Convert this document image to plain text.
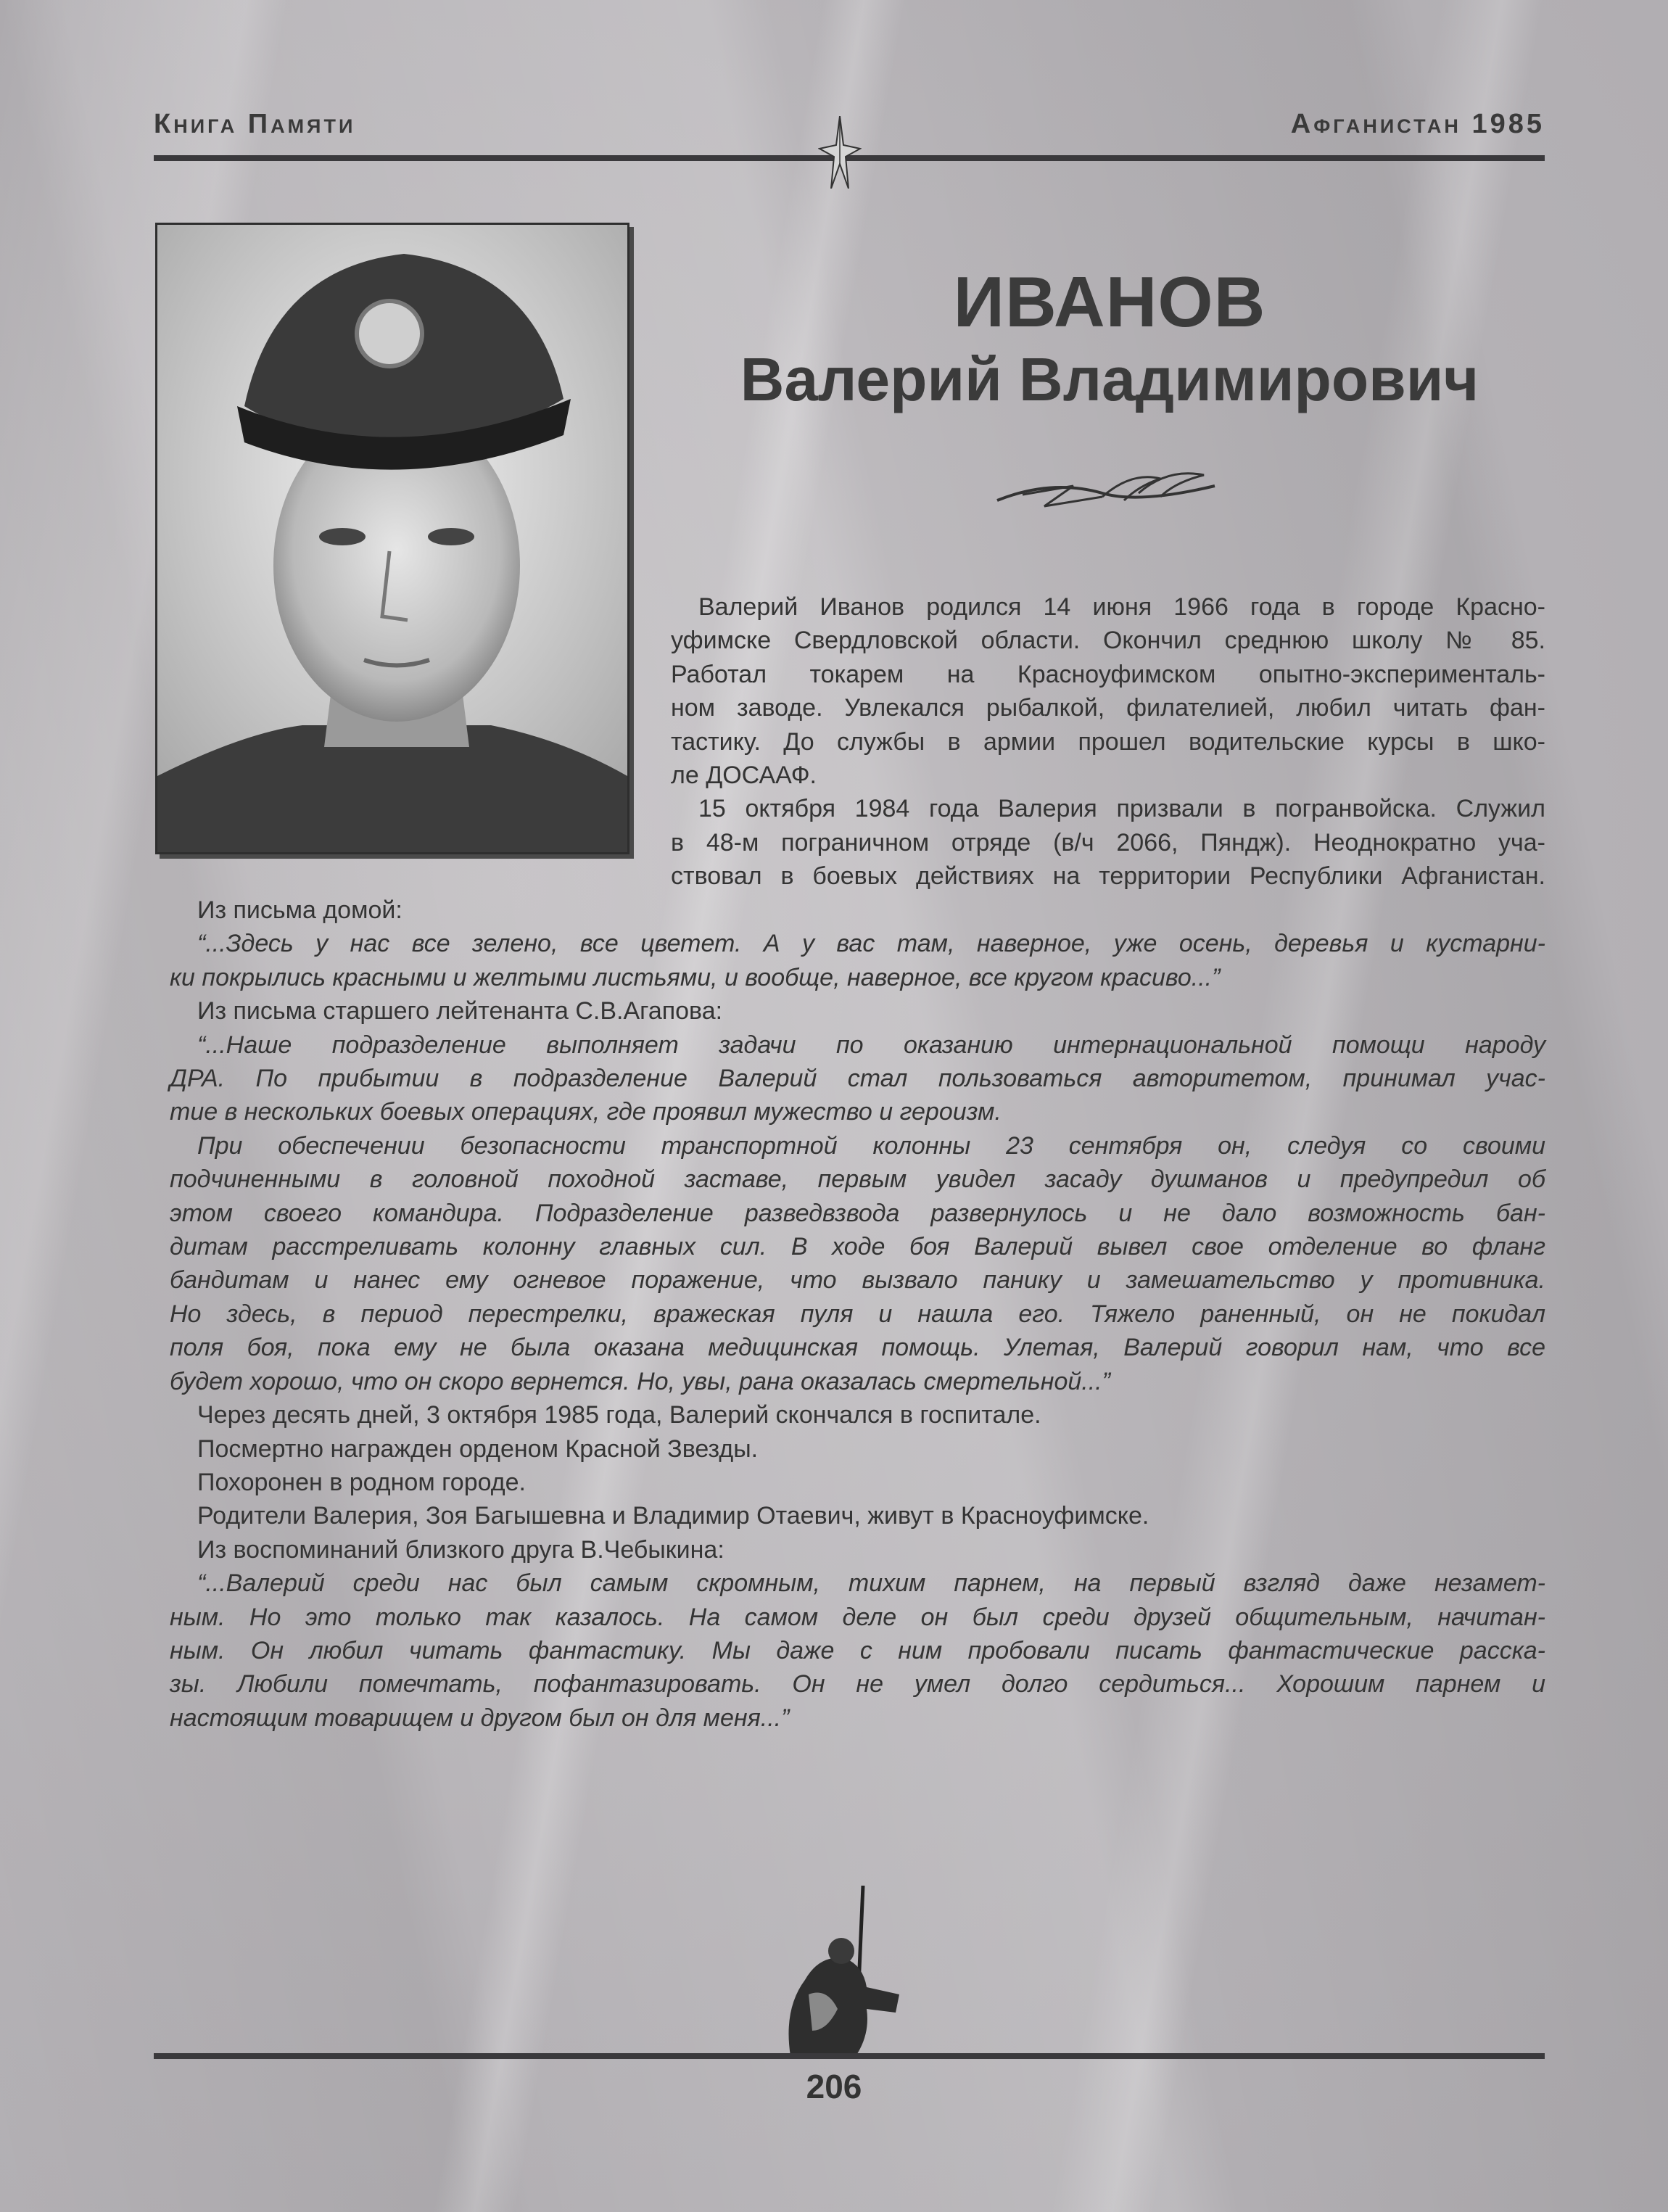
Книга Памяти	Афганистан 1985
ИВАНОВ
Валерий Владимирович
Валерий Иванов родился 14 июня 1966 года в городе Красно-
уфимске Свердловской области. Окончил среднюю школу № 85.
Работал токарем на Красноуфимском опытно-эксперименталь-
ном заводе. Увлекался рыбалкой, филателией, любил читать фан-
тастику. До службы в армии прошел водительские курсы в шко-
ле ДОСААФ.
15 октября 1984 года Валерия призвали в погранвойска. Служил
в 48-м пограничном отряде (в/ч 2066, Пяндж). Неоднократно уча-
ствовал в боевых действиях на территории Республики Афганистан.
Из письма домой:
“...Здесь у нас все зелено, все цветет. А у вас там, наверное, уже осень, деревья и кустарни-
ки покрылись красными и желтыми листьями, и вообще, наверное, все кругом красиво...”
Из письма старшего лейтенанта С.В.Агапова:
“...Наше подразделение выполняет задачи по оказанию интернациональной помощи народу
ДРА. По прибытии в подразделение Валерий стал пользоваться авторитетом, принимал учас-
тие в нескольких боевых операциях, где проявил мужество и героизм.
При обеспечении безопасности транспортной колонны 23 сентября он, следуя со своими
подчиненными в головной походной заставе, первым увидел засаду душманов и предупредил об
этом своего командира. Подразделение разведвзвода развернулось и не дало возможность бан-
дитам расстреливать колонну главных сил. В ходе боя Валерий вывел свое отделение во фланг
бандитам и нанес ему огневое поражение, что вызвало панику и замешательство у противника.
Но здесь, в период перестрелки, вражеская пуля и нашла его. Тяжело раненный, он не покидал
поля боя, пока ему не была оказана медицинская помощь. Улетая, Валерий говорил нам, что все
будет хорошо, что он скоро вернется. Но, увы, рана оказалась смертельной...”
Через десять дней, 3 октября 1985 года, Валерий скончался в госпитале.
Посмертно награжден орденом Красной Звезды.
Похоронен в родном городе.
Родители Валерия, Зоя Багышевна и Владимир Отаевич, живут в Красноуфимске.
Из воспоминаний близкого друга В.Чебыкина:
“...Валерий среди нас был самым скромным, тихим парнем, на первый взгляд даже незамет-
ным. Но это только так казалось. На самом деле он был среди друзей общительным, начитан-
ным. Он любил читать фантастику. Мы даже с ним пробовали писать фантастические расска-
зы. Любили помечтать, пофантазировать. Он не умел долго сердиться... Хорошим парнем и
настоящим товарищем и другом был он для меня...”
206
